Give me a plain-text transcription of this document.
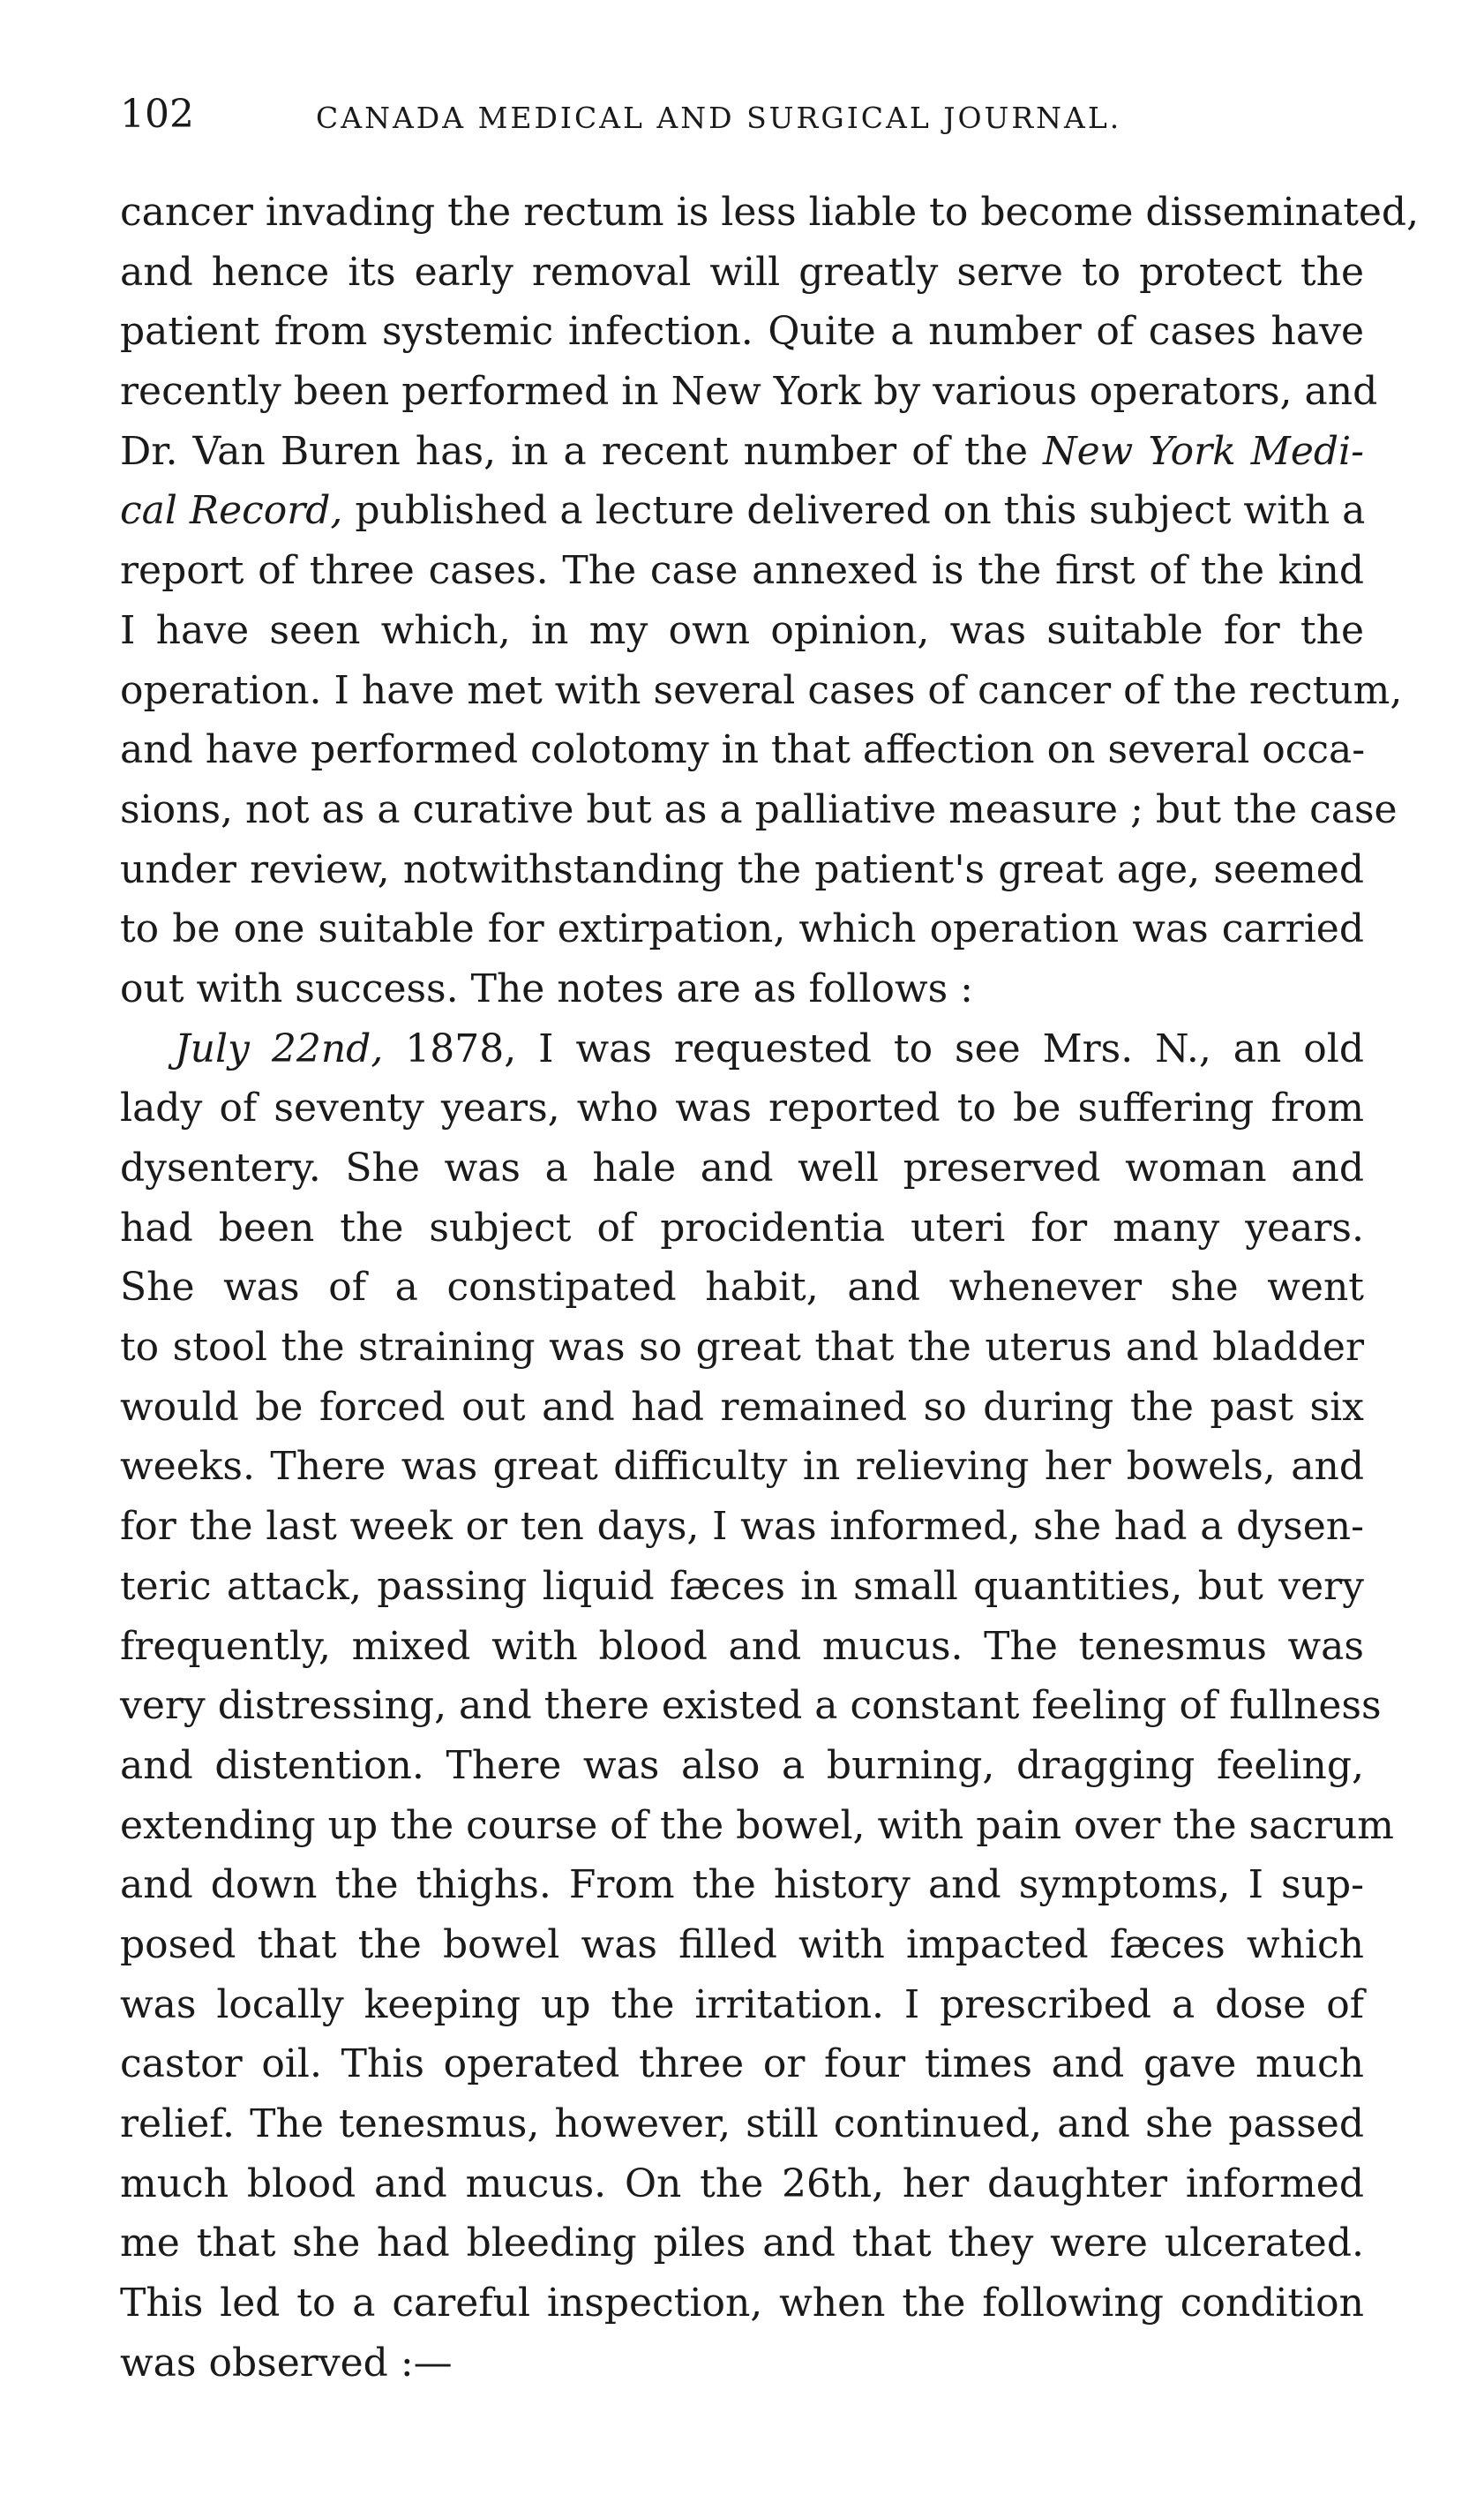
102	CANADA MEDICAL AND SURGICAL JOURNAL.
cancer invading the rectum is less liable to become disseminated,
and hence its early removal will greatly serve to protect the
patient from systemic infection. Quite a number of cases have
recently been performed in New York by various operators, and
Dr. Van Buren has, in a recent number of the New York Medi-
cal Record, published a lecture delivered on this subject with a
report of three cases. The case annexed is the first of the kind
I have seen which, in my own opinion, was suitable for the
operation. I have met with several cases of cancer of the rectum,
and have performed colotomy in that affection on several occa-
sions, not as a curative but as a palliative measure ; but the case
under review, notwithstanding the patient's great age, seemed
to be one suitable for extirpation, which operation was carried
out with success. The notes are as follows :
July 22nd, 1878, I was requested to see Mrs. N., an old
lady of seventy years, who was reported to be suffering from
dysentery. She was a hale and well preserved woman and
had been the subject of procidentia uteri for many years.
She was of a constipated habit, and whenever she went
to stool the straining was so great that the uterus and bladder
would be forced out and had remained so during the past six
weeks. There was great difficulty in relieving her bowels, and
for the last week or ten days, I was informed, she had a dysen-
teric attack, passing liquid fæces in small quantities, but very
frequently, mixed with blood and mucus. The tenesmus was
very distressing, and there existed a constant feeling of fullness
and distention. There was also a burning, dragging feeling,
extending up the course of the bowel, with pain over the sacrum
and down the thighs. From the history and symptoms, I sup-
posed that the bowel was filled with impacted fæces which
was locally keeping up the irritation. I prescribed a dose of
castor oil. This operated three or four times and gave much
relief. The tenesmus, however, still continued, and she passed
much blood and mucus. On the 26th, her daughter informed
me that she had bleeding piles and that they were ulcerated.
This led to a careful inspection, when the following condition
was observed :—
